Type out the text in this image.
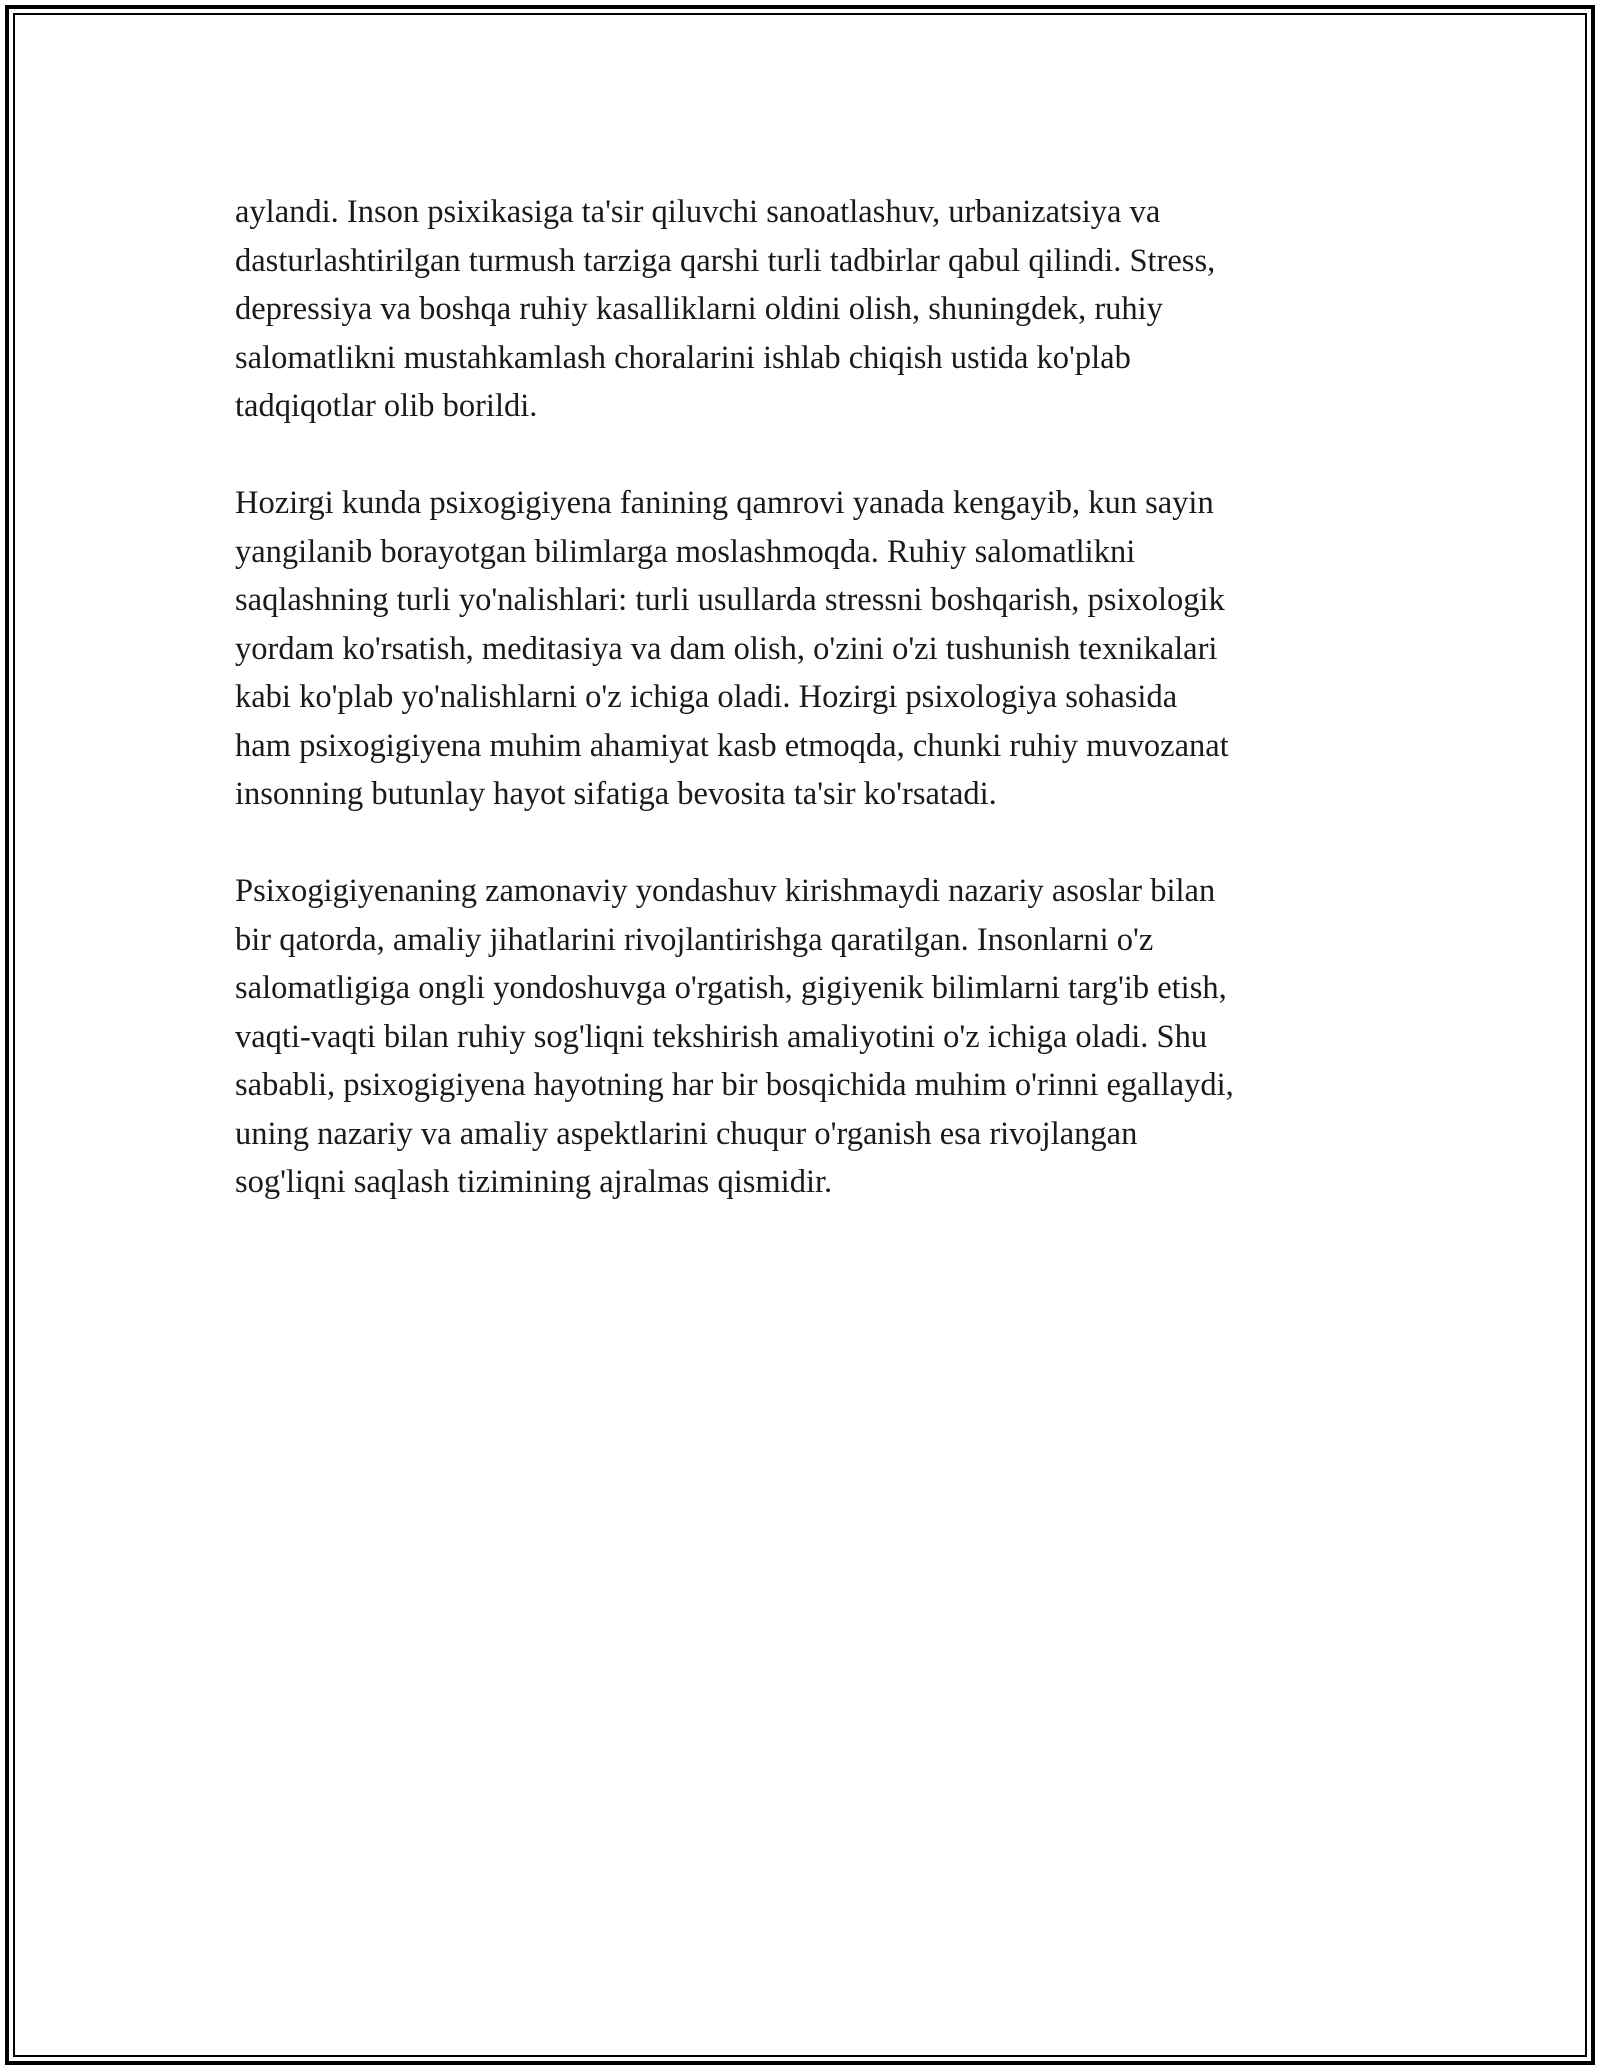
aylandi. Inson psixikasiga ta'sir qiluvchi sanoatlashuv, urbanizatsiya va
dasturlashtirilgan turmush tarziga qarshi turli tadbirlar qabul qilindi. Stress,
depressiya va boshqa ruhiy kasalliklarni oldini olish, shuningdek, ruhiy
salomatlikni mustahkamlash choralarini ishlab chiqish ustida ko'plab
tadqiqotlar olib borildi.

Hozirgi kunda psixogigiyena fanining qamrovi yanada kengayib, kun sayin
yangilanib borayotgan bilimlarga moslashmoqda. Ruhiy salomatlikni
saqlashning turli yo'nalishlari: turli usullarda stressni boshqarish, psixologik
yordam ko'rsatish, meditasiya va dam olish, o'zini o'zi tushunish texnikalari
kabi ko'plab yo'nalishlarni o'z ichiga oladi. Hozirgi psixologiya sohasida
ham psixogigiyena muhim ahamiyat kasb etmoqda, chunki ruhiy muvozanat
insonning butunlay hayot sifatiga bevosita ta'sir ko'rsatadi.

Psixogigiyenaning zamonaviy yondashuv kirishmaydi nazariy asoslar bilan
bir qatorda, amaliy jihatlarini rivojlantirishga qaratilgan. Insonlarni o'z
salomatligiga ongli yondoshuvga o'rgatish, gigiyenik bilimlarni targ'ib etish,
vaqti-vaqti bilan ruhiy sog'liqni tekshirish amaliyotini o'z ichiga oladi. Shu
sababli, psixogigiyena hayotning har bir bosqichida muhim o'rinni egallaydi,
uning nazariy va amaliy aspektlarini chuqur o'rganish esa rivojlangan
sog'liqni saqlash tizimining ajralmas qismidir.
